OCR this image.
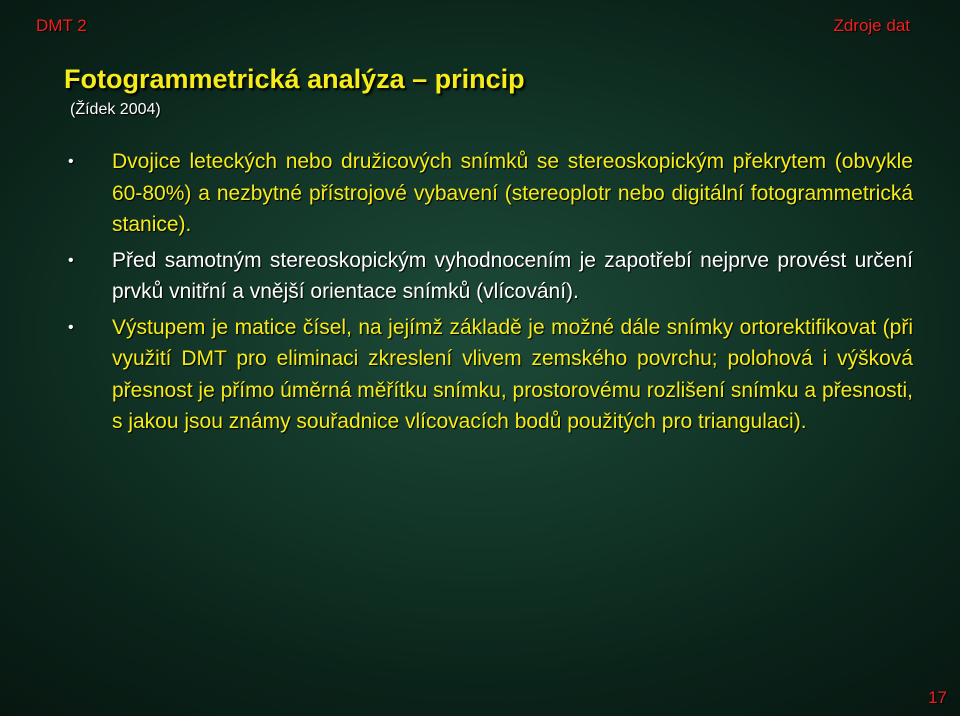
DMT 2	Zdroje dat
Fotogrammetrická analýza – princip
(Žídek 2004)
• Dvojice leteckých nebo družicových snímků se stereoskopickým překrytem (obvykle 60-80%) a nezbytné přístrojové vybavení (stereoplotr nebo digitální fotogrammetrická stanice).
• Před samotným stereoskopickým vyhodnocením je zapotřebí nejprve provést určení prvků vnitřní a vnější orientace snímků (vlícování).
• Výstupem je matice čísel, na jejímž základě je možné dále snímky ortorektifikovat (při využití DMT pro eliminaci zkreslení vlivem zemského povrchu; polohová i výšková přesnost je přímo úměrná měřítku snímku, prostorovému rozlišení snímku a přesnosti, s jakou jsou známy souřadnice vlícovacích bodů použitých pro triangulaci).
17
